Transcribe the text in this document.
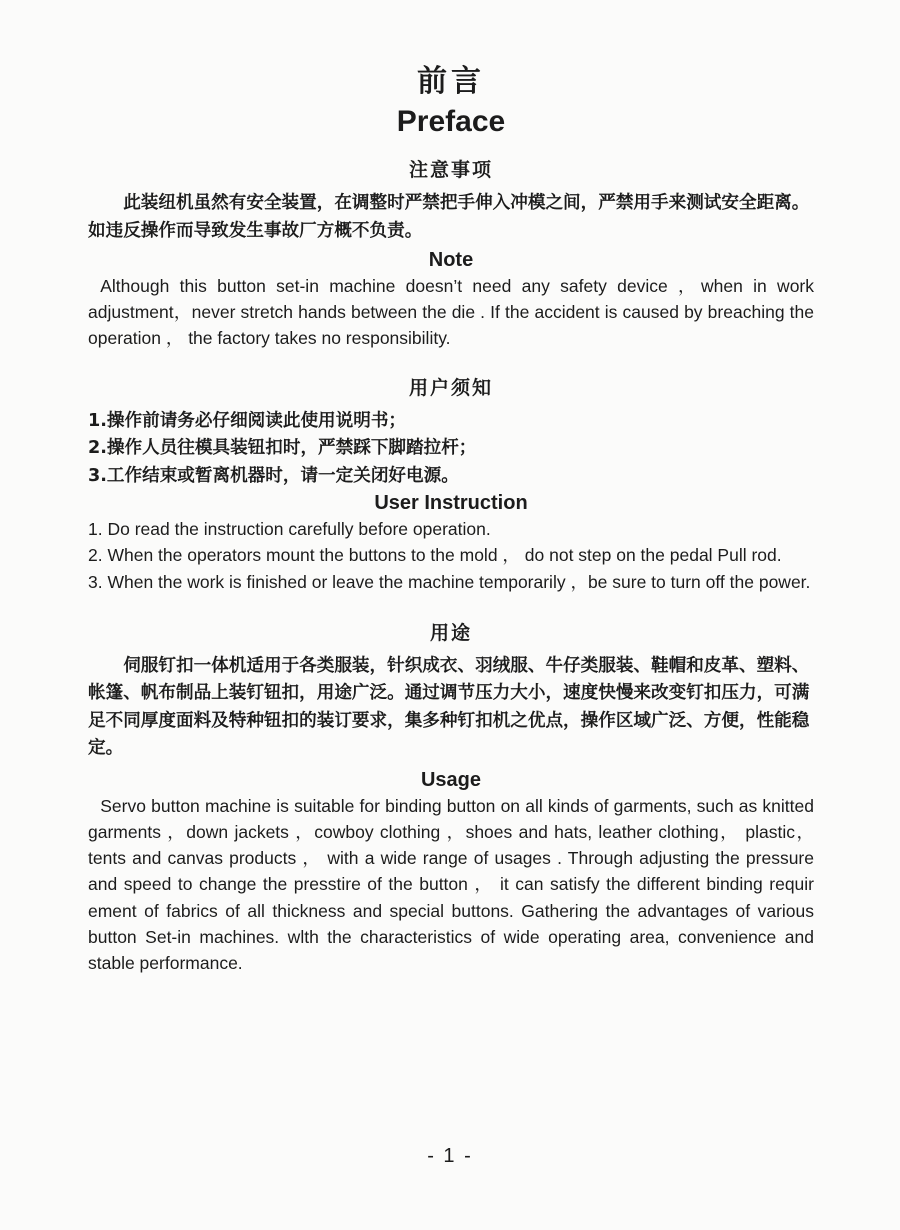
前言
Preface
注意事项

此装纽机虽然有安全装置，在调整时严禁把手伸入冲模之间，严禁用手来测试安全距离。如违反操作而导致发生事故厂方概不负责。

Note

Although this button set-in machine doesn’t need any safety device ，when in work adjustment，never stretch hands between the die . If the accident is caused by breaching the operation ， the factory takes no responsibility.

用户须知

1.操作前请务必仔细阅读此使用说明书；

2.操作人员往模具装钮扣时，严禁踩下脚踏拉杆；

3.工作结束或暂离机器时，请一定关闭好电源。

User Instruction

1. Do read the instruction carefully before operation.

2. When the operators mount the buttons to the mold ， do not step on the pedal Pull rod.

3. When the work is finished or leave the machine temporarily ，be sure to turn off the power.

用途

伺服钉扣一体机适用于各类服装，针织成衣、羽绒服、牛仔类服装、鞋帽和皮革、塑料、帐篷、帆布制品上装钉钮扣，用途广泛。通过调节压力大小，速度快慢来改变钉扣压力，可满足不同厚度面料及特种钮扣的装订要求，集多种钉扣机之优点，操作区域广泛、方便，性能稳定。

Usage

Servo button machine is suitable for binding button on all kinds of garments, such as knitted garments ，down jackets ，cowboy clothing ，shoes and hats, leather clothing， plastic， tents and canvas products ， with a wide range of usages . Through adjusting the pressure and speed to change the presstire of the button ， it can satisfy the different binding requir ement of fabrics of all thickness and special buttons. Gathering the advantages of various button Set-in machines. wlth the characteristics of wide operating area, convenience and stable performance.

- 1 -
